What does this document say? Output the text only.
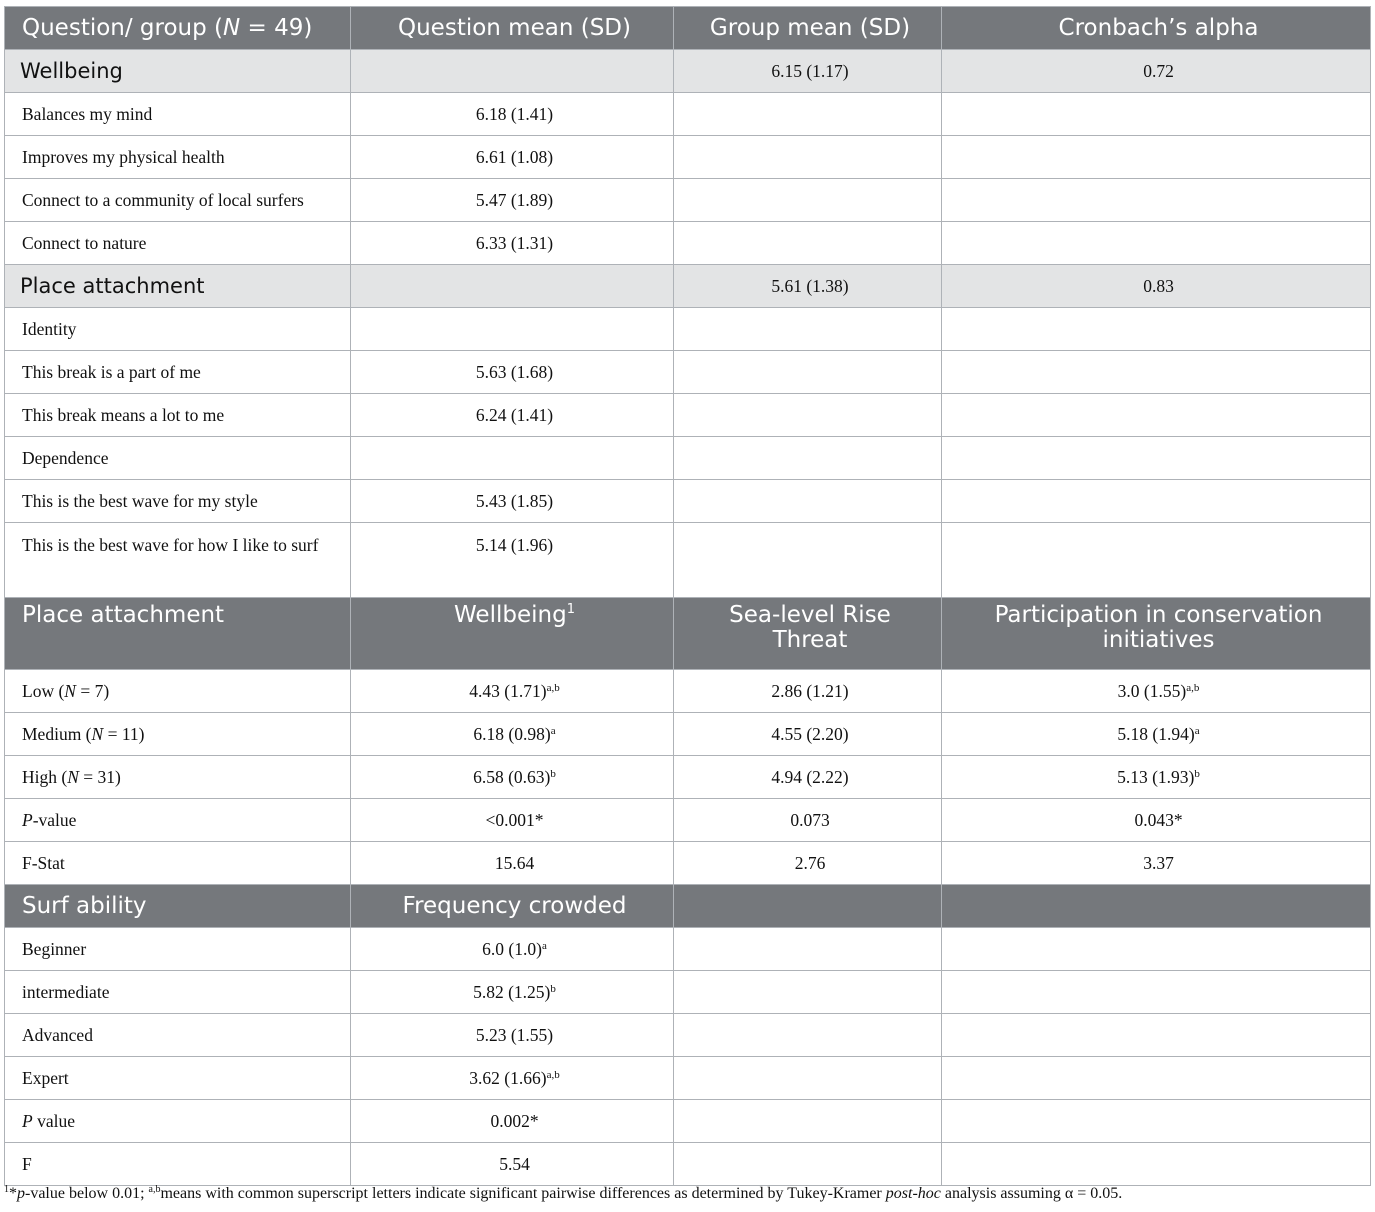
Question/ group (N = 49)	Question mean (SD)	Group mean (SD)	Cronbach’s alpha
Wellbeing		6.15 (1.17)	0.72
Balances my mind	6.18 (1.41)		
Improves my physical health	6.61 (1.08)		
Connect to a community of local surfers	5.47 (1.89)		
Connect to nature	6.33 (1.31)		
Place attachment		5.61 (1.38)	0.83
Identity			
This break is a part of me	5.63 (1.68)		
This break means a lot to me	6.24 (1.41)		
Dependence			
This is the best wave for my style	5.43 (1.85)		
This is the best wave for how I like to surf	5.14 (1.96)		
Place attachment	Wellbeing$^1$	Sea-level Rise Threat	Participation in conservation initiatives
Low (N = 7)	4.43 $(1.71)^{a,b}$	2.86 (1.21)	3.0 $(1.55)^{a,b}$
Medium (N = 11)	6.18 $(0.98)^a$	4.55 (2.20)	5.18 $(1.94)^a$
High (N = 31)	6.58 $(0.63)^b$	4.94 (2.22)	5.13 $(1.93)^b$
P-value	<0.001*	0.073	0.043*
F-Stat	15.64	2.76	3.37
Surf ability	Frequency crowded		
Beginner	6.0 $(1.0)^a$		
intermediate	5.82 $(1.25)^b$		
Advanced	5.23 (1.55)		
Expert	3.62 $(1.66)^{a,b}$		
P value	0.002*		
F	5.54		
$^1$*p-value below 0.01; $^{a,b}$means with common superscript letters indicate significant pairwise differences as determined by Tukey-Kramer post-hoc analysis assuming α = 0.05.
